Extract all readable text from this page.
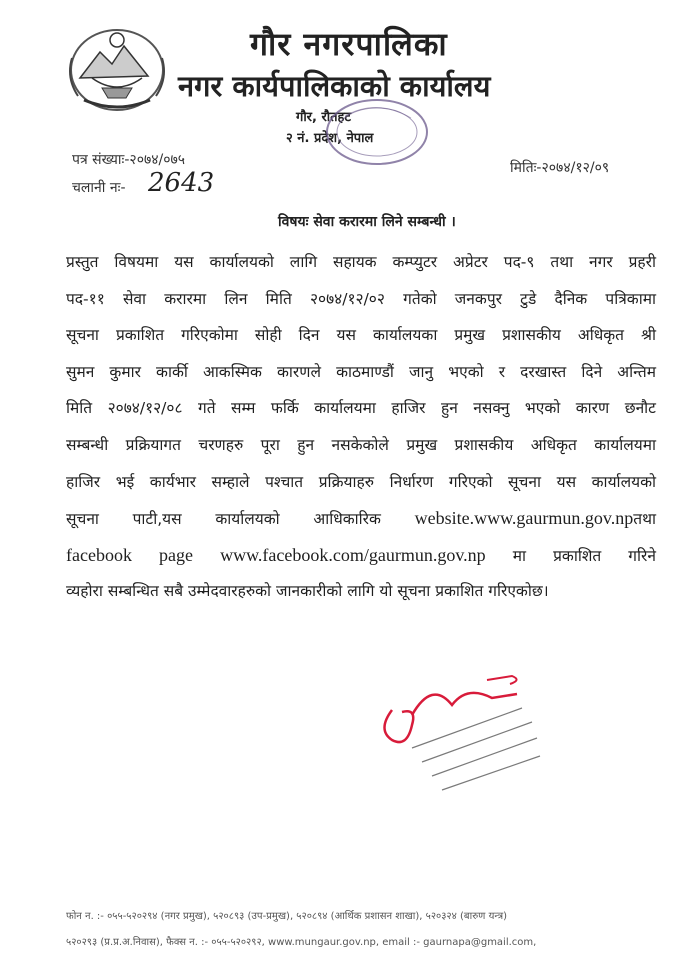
गौर नगरपालिका
नगर कार्यपालिकाको कार्यालय
गौर, रौतहट
२ नं. प्रदेश, नेपाल
पत्र संख्याः-२०७४/०७५
चलानी नः- 2643	मितिः-२०७४/१२/०९
विषयः सेवा करारमा लिने सम्बन्धी ।
प्रस्तुत विषयमा यस कार्यालयको लागि सहायक कम्प्युटर अप्रेटर पद-९ तथा नगर प्रहरी
पद-११ सेवा करारमा लिन मिति २०७४/१२/०२ गतेको जनकपुर टुडे दैनिक पत्रिकामा
सूचना प्रकाशित गरिएकोमा सोही दिन यस कार्यालयका प्रमुख प्रशासकीय अधिकृत श्री
सुमन कुमार कार्की आकस्मिक कारणले काठमाण्डौं जानु भएको र दरखास्त दिने अन्तिम
मिति २०७४/१२/०८ गते सम्म फर्कि कार्यालयमा हाजिर हुन नसक्नु भएको कारण छनौट
सम्बन्धी प्रक्रियागत चरणहरु पूरा हुन नसकेकोले प्रमुख प्रशासकीय अधिकृत कार्यालयमा
हाजिर भई कार्यभार सम्हाले पश्चात प्रक्रियाहरु निर्धारण गरिएको सूचना यस कार्यालयको
सूचना पाटी,यस कार्यालयको आधिकारिक website.www.gaurmun.gov.npतथा
facebook page www.facebook.com/gaurmun.gov.np मा प्रकाशित गरिने
व्यहोरा सम्बन्धित सबै उम्मेदवारहरुको जानकारीको लागि यो सूचना प्रकाशित गरिएकोछ।
फोन न. :- ०५५-५२०२९४ (नगर प्रमुख), ५२०८९३ (उप-प्रमुख), ५२०८९४ (आर्थिक प्रशासन शाखा), ५२०३२४ (बारुण यन्त्र)
५२०२९३ (प्र.प्र.अ.निवास), फैक्स न. :- ०५५-५२०२९२, www.mungaur.gov.np, email :- gaurnapa@gmail.com,
